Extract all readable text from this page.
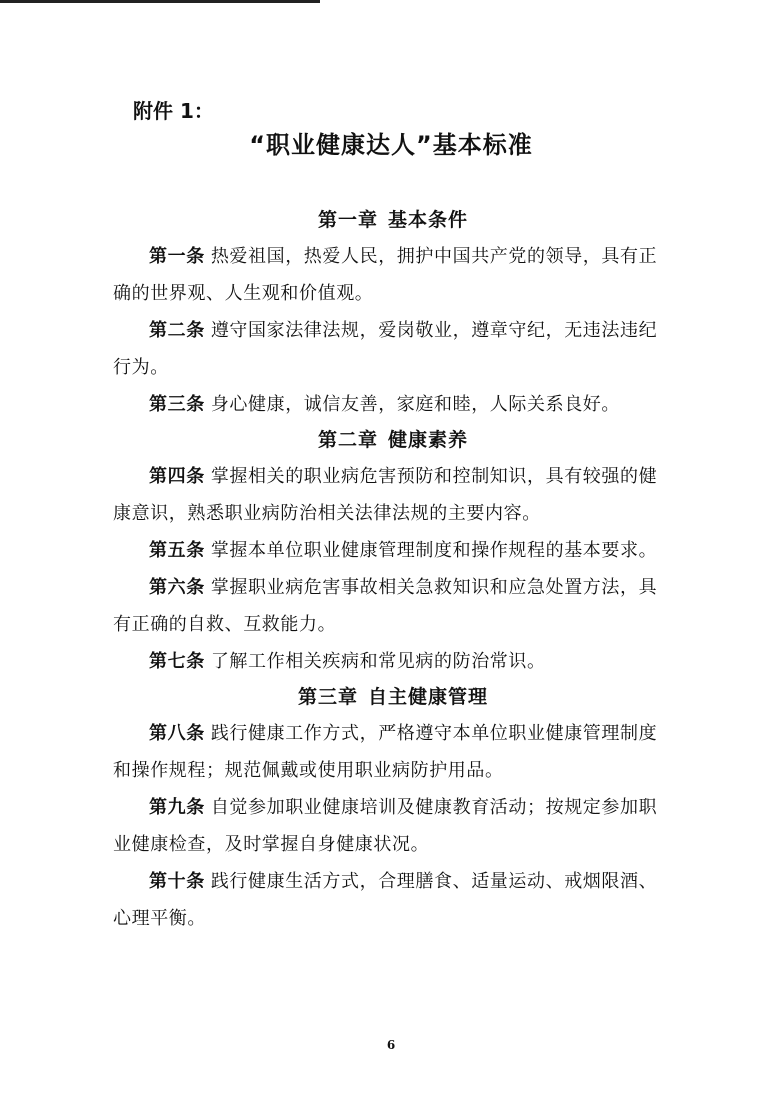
附件 1：
“职业健康达人”基本标准
第一章 基本条件

第一条 热爱祖国，热爱人民，拥护中国共产党的领导，具有正确的世界观、人生观和价值观。

第二条 遵守国家法律法规，爱岗敬业，遵章守纪，无违法违纪行为。

第三条 身心健康，诚信友善，家庭和睦，人际关系良好。

第二章 健康素养

第四条 掌握相关的职业病危害预防和控制知识，具有较强的健康意识，熟悉职业病防治相关法律法规的主要内容。

第五条 掌握本单位职业健康管理制度和操作规程的基本要求。

第六条 掌握职业病危害事故相关急救知识和应急处置方法，具有正确的自救、互救能力。

第七条 了解工作相关疾病和常见病的防治常识。

第三章 自主健康管理

第八条 践行健康工作方式，严格遵守本单位职业健康管理制度和操作规程；规范佩戴或使用职业病防护用品。

第九条 自觉参加职业健康培训及健康教育活动；按规定参加职业健康检查，及时掌握自身健康状况。

第十条 践行健康生活方式，合理膳食、适量运动、戒烟限酒、心理平衡。

6
